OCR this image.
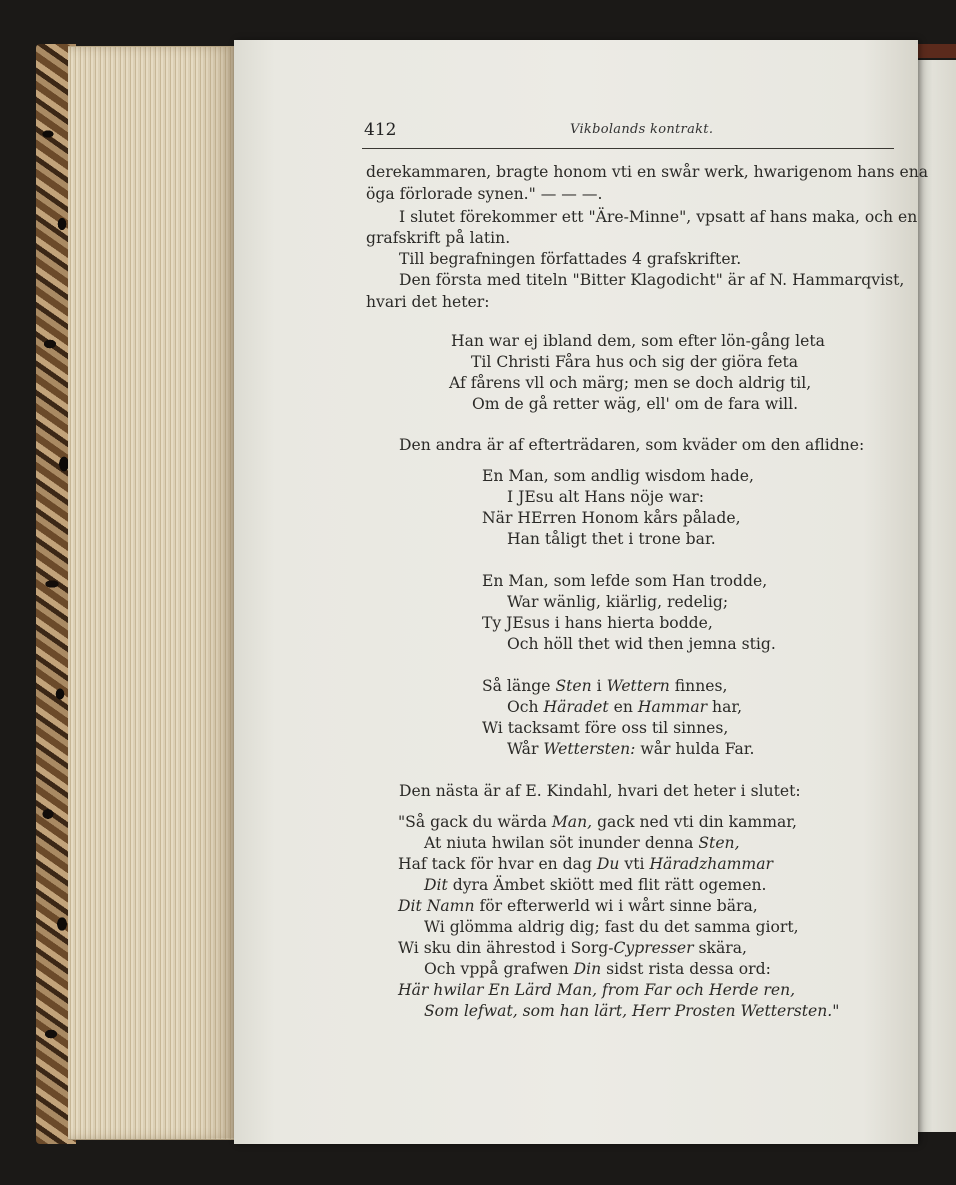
412	Vikbolands kontrakt.
derekammaren, bragte honom vti en swår werk, hwarigenom hans ena
öga förlorade synen." — — —.
I slutet förekommer ett "Äre-Minne", vpsatt af hans maka, och en
grafskrift på latin.
Till begrafningen författades 4 grafskrifter.
Den första med titeln "Bitter Klagodicht" är af N. Hammarqvist,
hvari det heter:
Han war ej ibland dem, som efter lön-gång leta
Til Christi Fåra hus och sig der giöra feta
Af fårens vll och märg; men se doch aldrig til,
Om de gå retter wäg, ell' om de fara will.
Den andra är af efterträdaren, som kväder om den aflidne:
En Man, som andlig wisdom hade,
I JEsu alt Hans nöje war:
När HErren Honom kårs pålade,
Han tåligt thet i trone bar.
En Man, som lefde som Han trodde,
War wänlig, kiärlig, redelig;
Ty JEsus i hans hierta bodde,
Och höll thet wid then jemna stig.
Så länge Sten i Wettern finnes,
Och Häradet en Hammar har,
Wi tacksamt före oss til sinnes,
Wår Wettersten: wår hulda Far.
Den nästa är af E. Kindahl, hvari det heter i slutet:
"Så gack du wärda Man, gack ned vti din kammar,
At niuta hwilan söt inunder denna Sten,
Haf tack för hvar en dag Du vti Häradzhammar
Dit dyra Ämbet skiött med flit rätt ogemen.
Dit Namn för efterwerld wi i wårt sinne bära,
Wi glömma aldrig dig; fast du det samma giort,
Wi sku din ährestod i Sorg-Cypresser skära,
Och vppå grafwen Din sidst rista dessa ord:
Här hwilar En Lärd Man, from Far och Herde ren,
Som lefwat, som han lärt, Herr Prosten Wettersten."
